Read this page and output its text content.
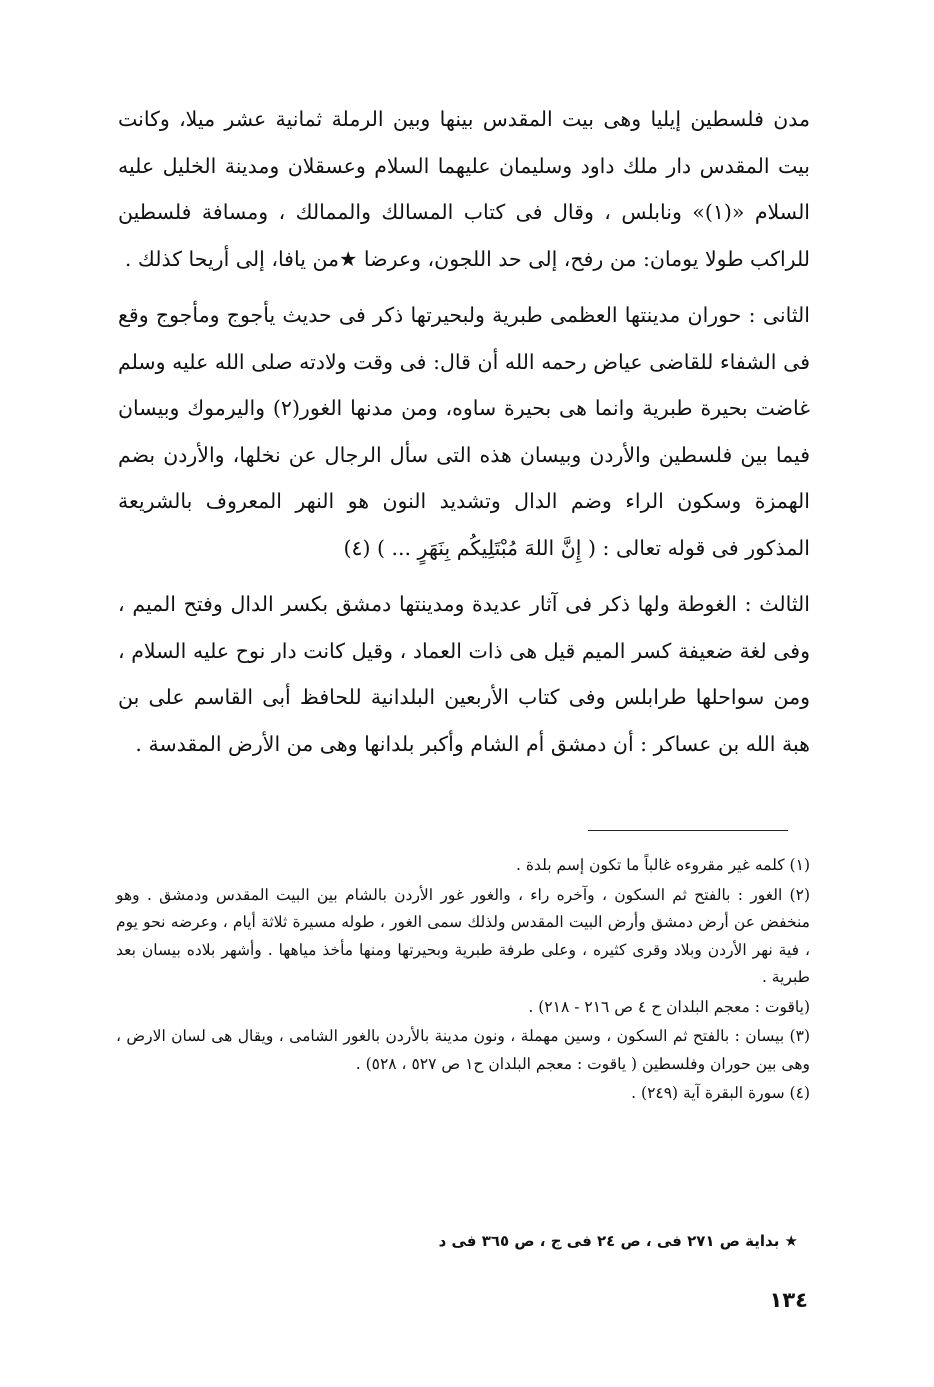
مدن فلسطين إيليا وهى بيت المقدس بينها وبين الرملة ثمانية عشر ميلا، وكانت بيت المقدس دار ملك داود وسليمان عليهما السلام وعسقلان ومدينة الخليل عليه السلام «(١)» ونابلس ، وقال فى كتاب المسالك والممالك ، ومسافة فلسطين للراكب طولا يومان: من رفح، إلى حد اللجون، وعرضا ★من يافا، إلى أريحا كذلك .

الثانى : حوران مدينتها العظمى طبرية ولبحيرتها ذكر فى حديث يأجوج ومأجوج وقع فى الشفاء للقاضى عياض رحمه الله أن قال: فى وقت ولادته صلى الله عليه وسلم غاضت بحيرة طبرية وانما هى بحيرة ساوه، ومن مدنها الغور(٢) واليرموك وبيسان فيما بين فلسطين والأردن وبيسان هذه التى سأل الرجال عن نخلها، والأردن بضم الهمزة وسكون الراء وضم الدال وتشديد النون هو النهر المعروف بالشريعة المذكور فى قوله تعالى : ( إِنَّ اللهَ مُبْتَلِيكُم بِنَهَرٍ ... ) (٤)

الثالث : الغوطة ولها ذكر فى آثار عديدة ومدينتها دمشق بكسر الدال وفتح الميم ، وفى لغة ضعيفة كسر الميم قيل هى ذات العماد ، وقيل كانت دار نوح عليه السلام ، ومن سواحلها طرابلس وفى كتاب الأربعين البلدانية للحافظ أبى القاسم على بن هبة الله بن عساكر : أن دمشق أم الشام وأكبر بلدانها وهى من الأرض المقدسة .

(١) كلمه غير مقروءه غالباً ما تكون إسم بلدة .

(٢) الغور : بالفتح ثم السكون ، وآخره راء ، والغور غور الأردن بالشام بين البيت المقدس ودمشق . وهو منخفض عن أرض دمشق وأرض البيت المقدس ولذلك سمى الغور ، طوله مسيرة ثلاثة أيام ، وعرضه نحو يوم ، فية نهر الأردن وبلاد وقرى كثيره ، وعلى طرفة طبرية وبحيرتها ومنها مأخذ مياهها . وأشهر بلاده بيسان بعد طبرية .

(ياقوت : معجم البلدان ح ٤ ص ٢١٦ - ٢١٨) .

(٣) بيسان : بالفتح ثم السكون ، وسين مهملة ، ونون مدينة بالأردن بالغور الشامى ، ويقال هى لسان الارض ، وهى بين حوران وفلسطين ( ياقوت : معجم البلدان ح١ ص ٥٢٧ ، ٥٢٨) .

(٤) سورة البقرة آية (٢٤٩) .

★ بداية ص ٢٧١ فى ، ص ٢٤ فى ج ، ص ٣٦٥ فى د
١٣٤
